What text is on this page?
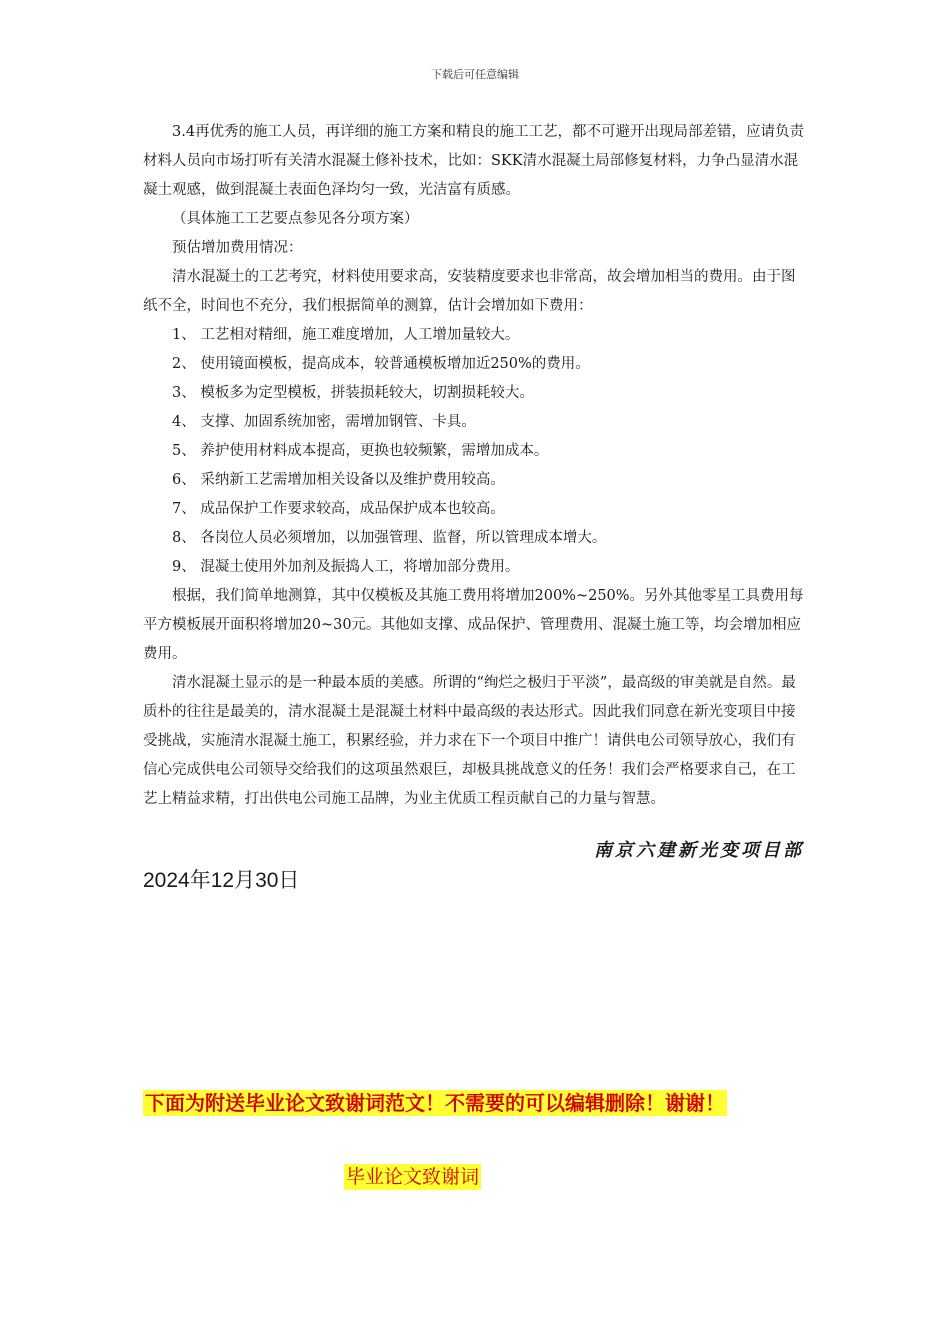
下载后可任意编辑

3.4再优秀的施工人员，再详细的施工方案和精良的施工工艺，都不可避开出现局部差错，应请负责材料人员向市场打听有关清水混凝土修补技术，比如：SKK清水混凝土局部修复材料，力争凸显清水混凝土观感，做到混凝土表面色泽均匀一致，光洁富有质感。

（具体施工工艺要点参见各分项方案）

预估增加费用情况：

清水混凝土的工艺考究，材料使用要求高，安装精度要求也非常高，故会增加相当的费用。由于图纸不全，时间也不充分，我们根据简单的测算，估计会增加如下费用：

1、 工艺相对精细，施工难度增加，人工增加量较大。

2、 使用镜面模板，提高成本，较普通模板增加近250%的费用。

3、 模板多为定型模板，拼装损耗较大，切割损耗较大。

4、 支撑、加固系统加密，需增加钢管、卡具。

5、 养护使用材料成本提高，更换也较频繁，需增加成本。

6、 采纳新工艺需增加相关设备以及维护费用较高。

7、 成品保护工作要求较高，成品保护成本也较高。

8、 各岗位人员必须增加，以加强管理、监督，所以管理成本增大。

9、 混凝土使用外加剂及振捣人工，将增加部分费用。

根据，我们简单地测算，其中仅模板及其施工费用将增加200%~250%。另外其他零星工具费用每平方模板展开面积将增加20~30元。其他如支撑、成品保护、管理费用、混凝土施工等，均会增加相应费用。

清水混凝土显示的是一种最本质的美感。所谓的“绚烂之极归于平淡”，最高级的审美就是自然。最质朴的往往是最美的，清水混凝土是混凝土材料中最高级的表达形式。因此我们同意在新光变项目中接受挑战，实施清水混凝土施工，积累经验，并力求在下一个项目中推广！请供电公司领导放心，我们有信心完成供电公司领导交给我们的这项虽然艰巨，却极具挑战意义的任务！我们会严格要求自己，在工艺上精益求精，打出供电公司施工品牌，为业主优质工程贡献自己的力量与智慧。

南京六建新光变项目部
2024年12月30日
下面为附送毕业论文致谢词范文！不需要的可以编辑删除！谢谢！
毕业论文致谢词
